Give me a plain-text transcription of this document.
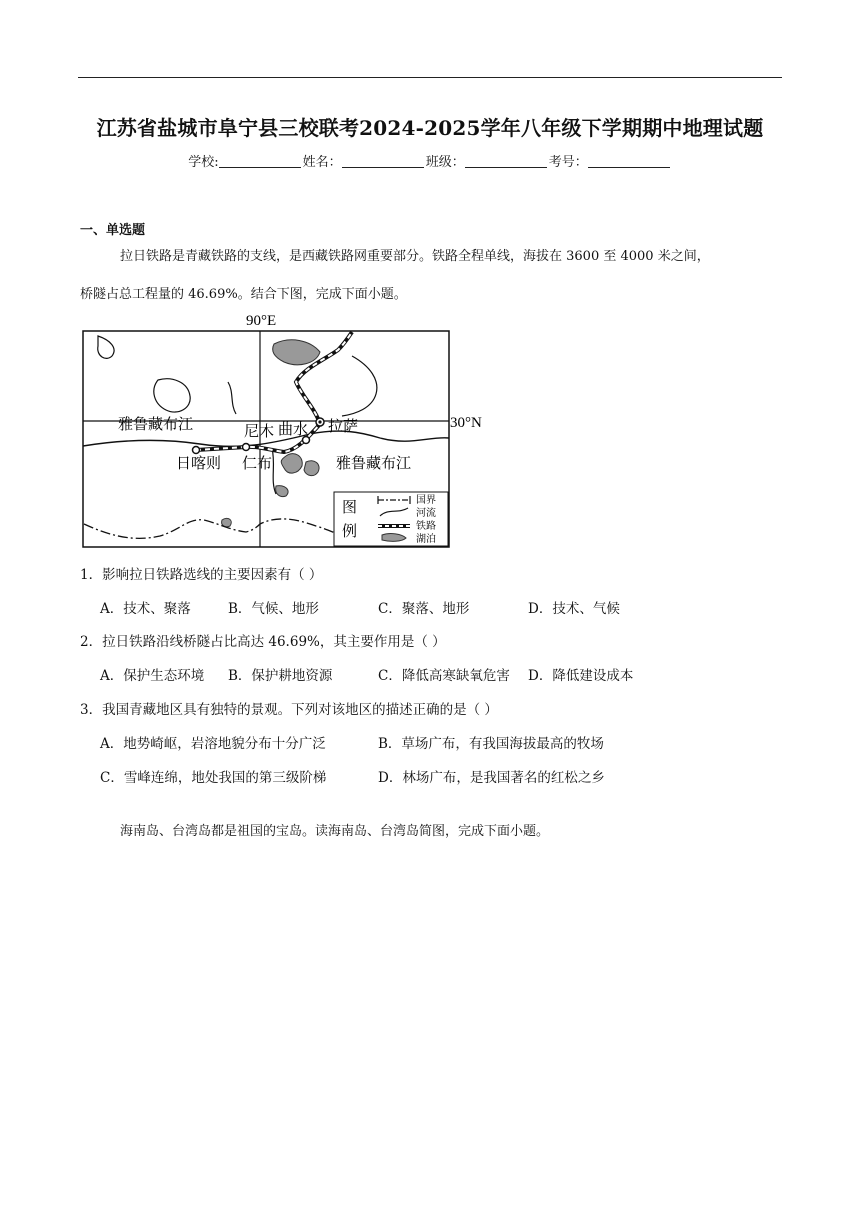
江苏省盐城市阜宁县三校联考2024-2025学年八年级下学期期中地理试题
学校:	姓名：	班级：	考号：
一、单选题
拉日铁路是青藏铁路的支线，是西藏铁路网重要部分。铁路全程单线，海拔在 3600 至 4000 米之间，
桥隧占总工程量的 46.69%。结合下图，完成下面小题。
90°E
30°N
雅鲁藏布江
雅鲁藏布江
日喀则 仁布
尼木 曲水 拉萨
图
例
国界
河流
铁路
湖泊
1．影响拉日铁路选线的主要因素有（ ）
A．技术、聚落	B．气候、地形	C．聚落、地形	D．技术、气候
2．拉日铁路沿线桥隧占比高达 46.69%，其主要作用是（ ）
A．保护生态环境 B．保护耕地资源	C．降低高寒缺氧危害 D．降低建设成本
3．我国青藏地区具有独特的景观。下列对该地区的描述正确的是（ ）
A．地势崎岖，岩溶地貌分布十分广泛	B．草场广布，有我国海拔最高的牧场
C．雪峰连绵，地处我国的第三级阶梯	D．林场广布，是我国著名的红松之乡
海南岛、台湾岛都是祖国的宝岛。读海南岛、台湾岛简图，完成下面小题。
